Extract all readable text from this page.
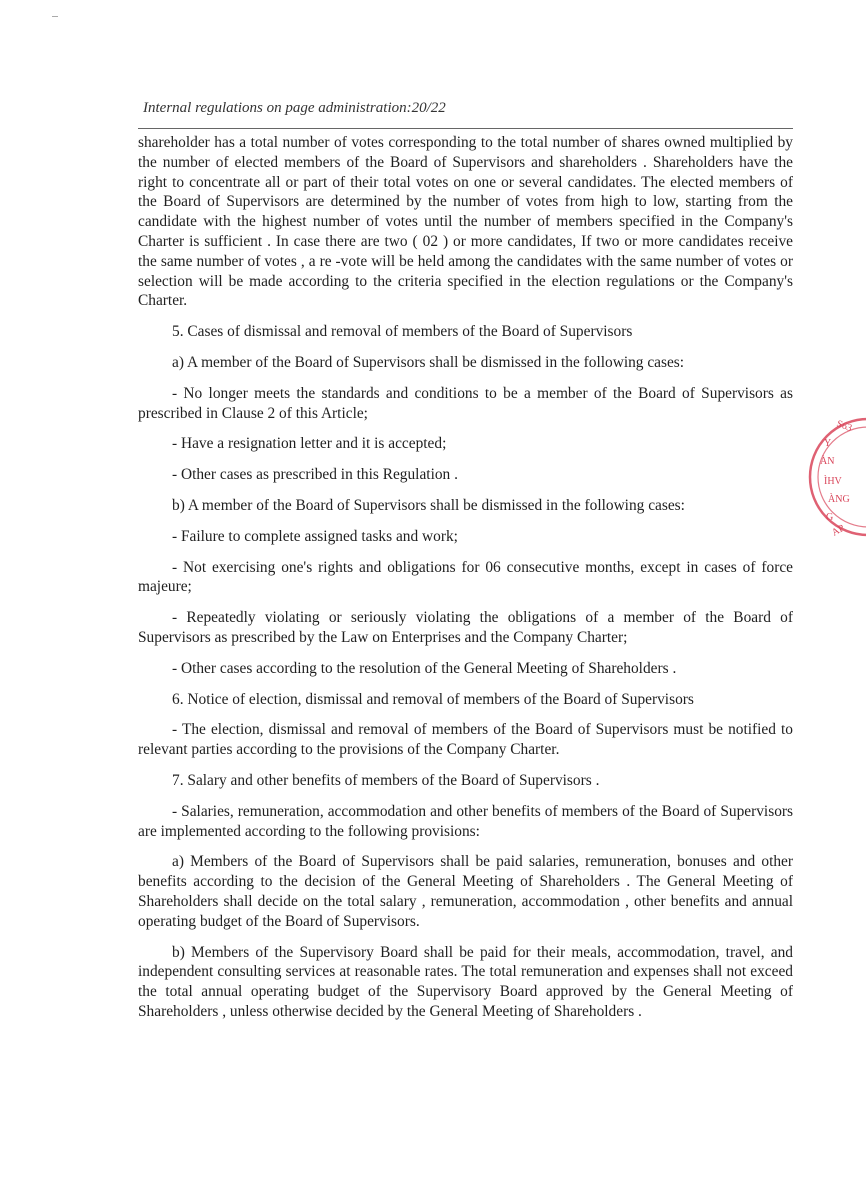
Internal regulations on page administration:20/22

shareholder has a total number of votes corresponding to the total number of shares owned multiplied by the number of elected members of the Board of Supervisors and shareholders . Shareholders have the right to concentrate all or part of their total votes on one or several candidates. The elected members of the Board of Supervisors are determined by the number of votes from high to low, starting from the candidate with the highest number of votes until the number of members specified in the Company's Charter is sufficient . In case there are two ( 02 ) or more candidates, If two or more candidates receive the same number of votes , a re -vote will be held among the candidates with the same number of votes or selection will be made according to the criteria specified in the election regulations or the Company's Charter.

5. Cases of dismissal and removal of members of the Board of Supervisors

a) A member of the Board of Supervisors shall be dismissed in the following cases:

- No longer meets the standards and conditions to be a member of the Board of Supervisors as prescribed in Clause 2 of this Article;

- Have a resignation letter and it is accepted;

- Other cases as prescribed in this Regulation .

b) A member of the Board of Supervisors shall be dismissed in the following cases:

- Failure to complete assigned tasks and work;

- Not exercising one's rights and obligations for 06 consecutive months, except in cases of force majeure;

- Repeatedly violating or seriously violating the obligations of a member of the Board of Supervisors as prescribed by the Law on Enterprises and the Company Charter;

- Other cases according to the resolution of the General Meeting of Shareholders .

6. Notice of election, dismissal and removal of members of the Board of Supervisors

- The election, dismissal and removal of members of the Board of Supervisors must be notified to relevant parties according to the provisions of the Company Charter.

7. Salary and other benefits of members of the Board of Supervisors .

- Salaries, remuneration, accommodation and other benefits of members of the Board of Supervisors are implemented according to the following provisions:

a) Members of the Board of Supervisors shall be paid salaries, remuneration, bonuses and other benefits according to the decision of the General Meeting of Shareholders . The General Meeting of Shareholders shall decide on the total salary , remuneration, accommodation , other benefits and annual operating budget of the Board of Supervisors.

b) Members of the Supervisory Board shall be paid for their meals, accommodation, travel, and independent consulting services at reasonable rates. The total remuneration and expenses shall not exceed the total annual operating budget of the Supervisory Board approved by the General Meeting of Shareholders , unless otherwise decided by the General Meeting of Shareholders .

S63
Y
ÀN
ÌHV
ÀNG
G
AP
